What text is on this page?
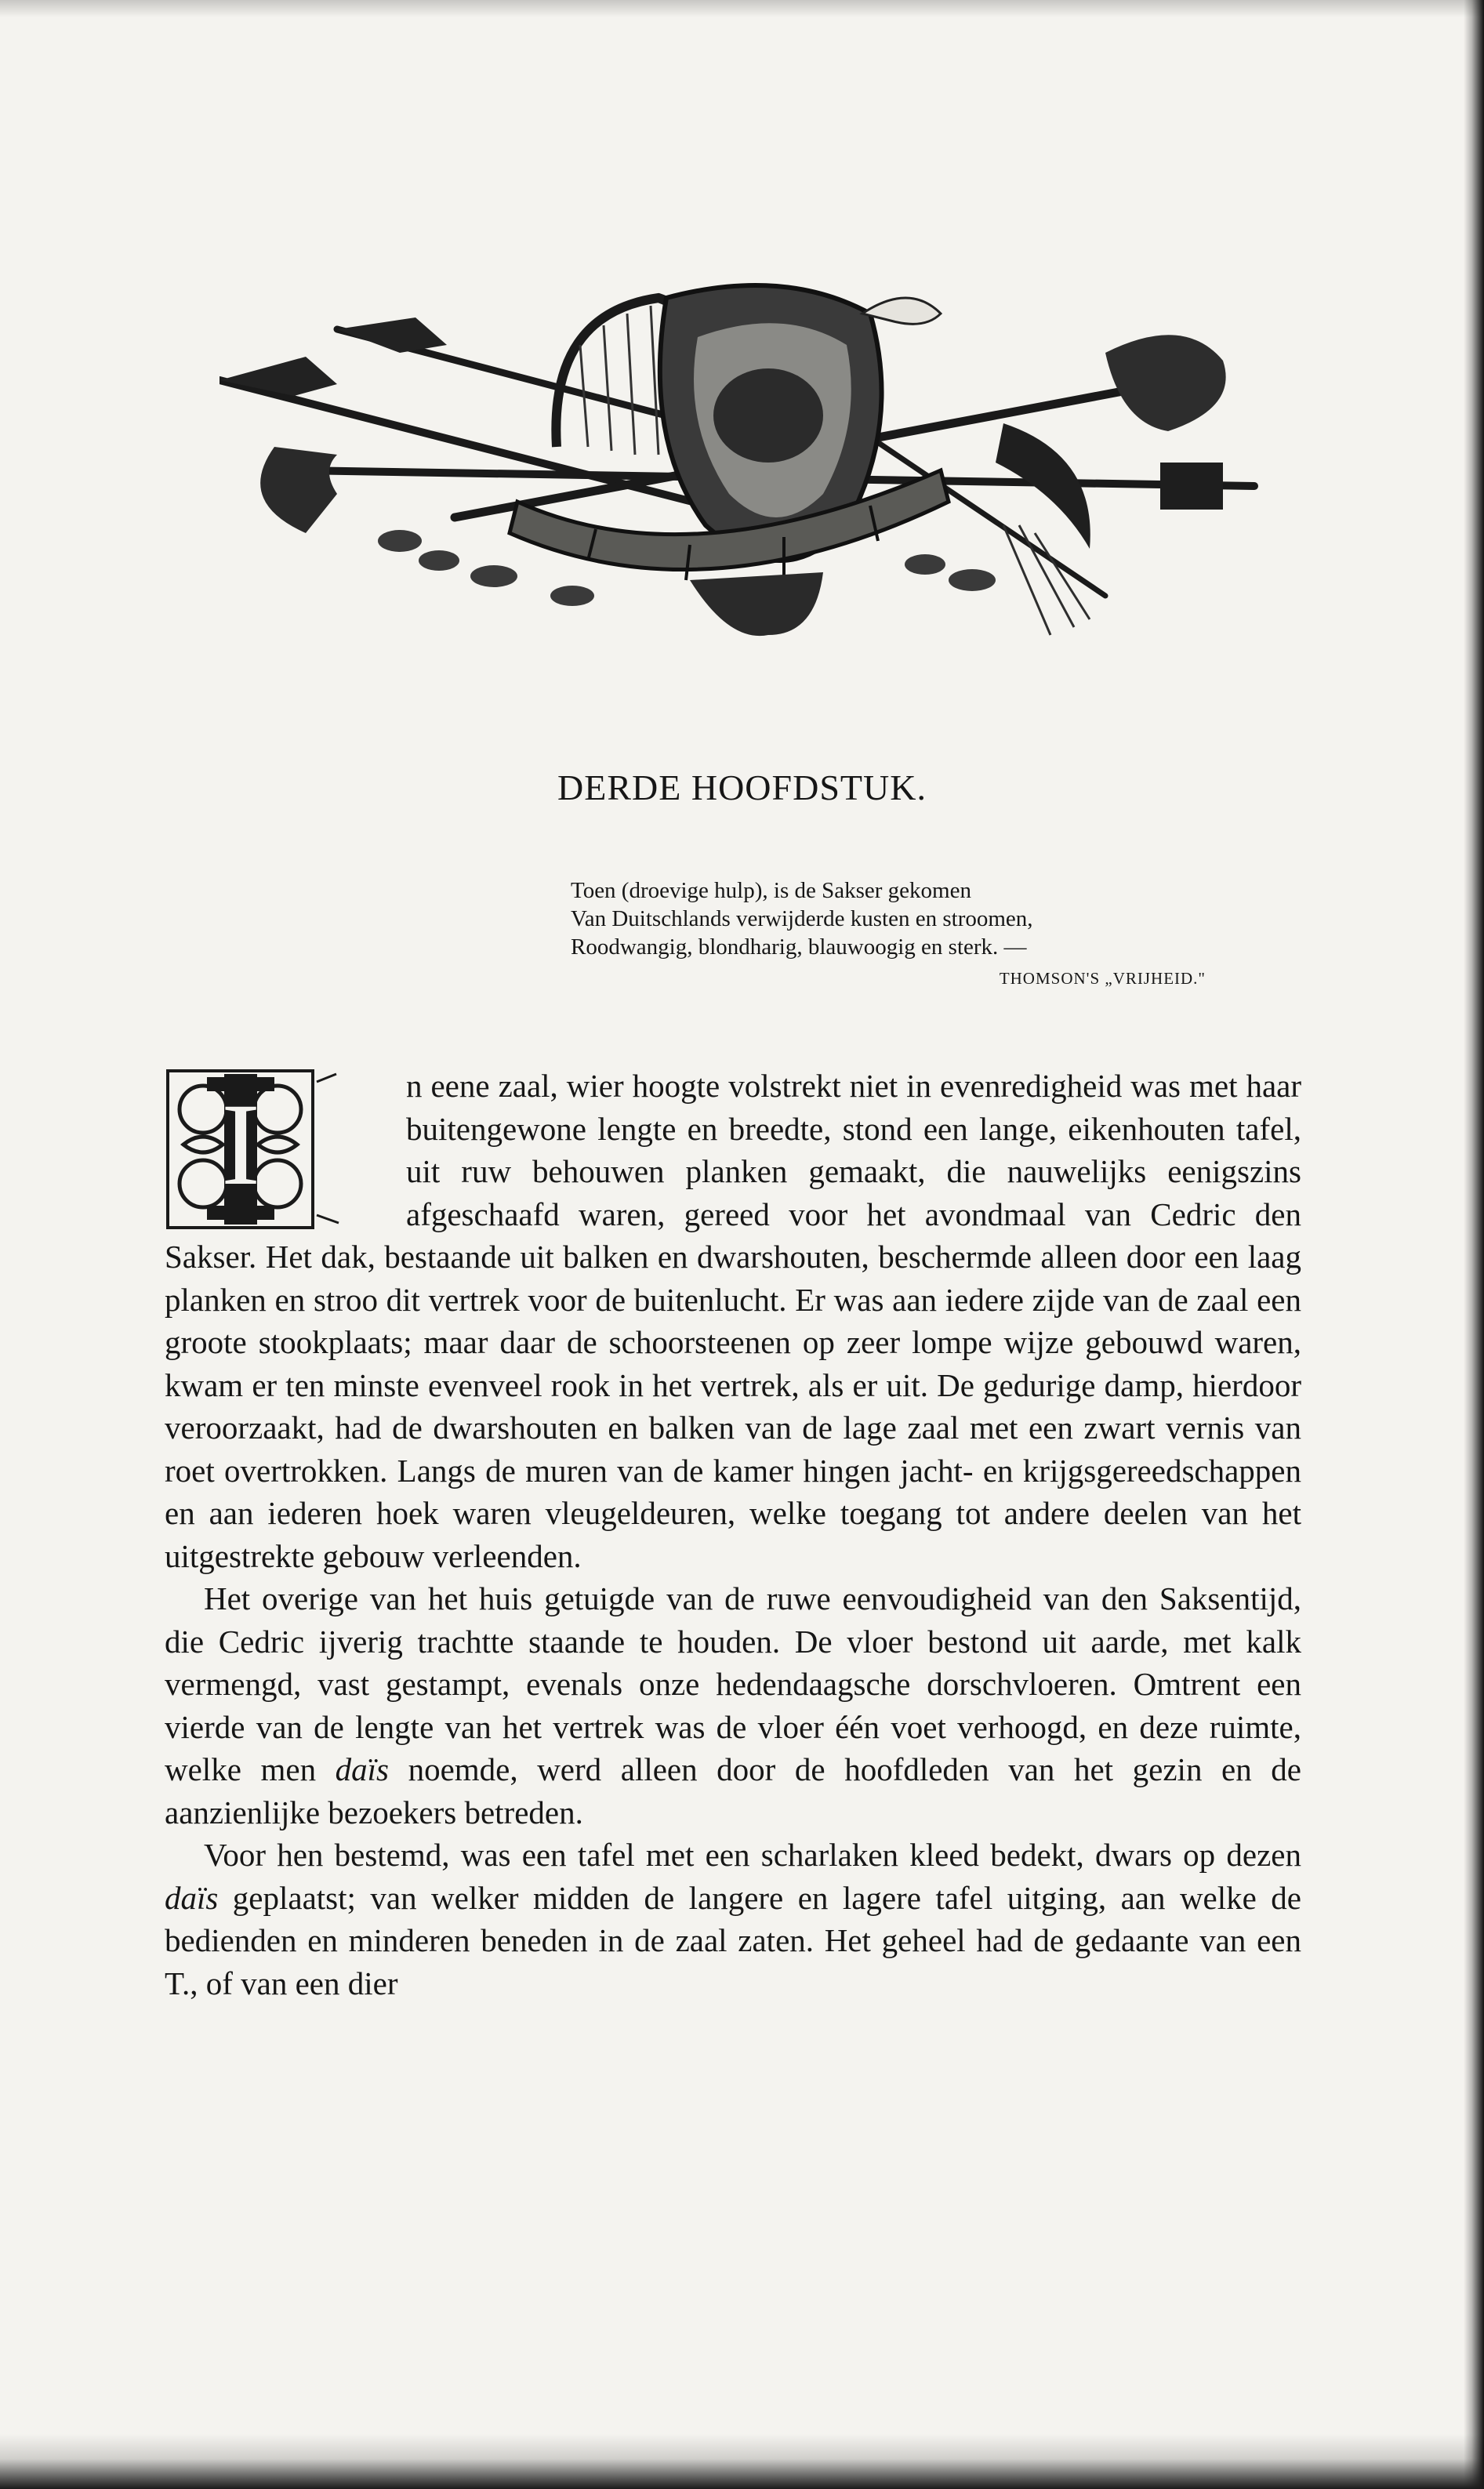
DERDE HOOFDSTUK.
Toen (droevige hulp), is de Sakser gekomen
Van Duitschlands verwijderde kusten en stroomen,
Roodwangig, blondharig, blauwoogig en sterk. —
THOMSON'S „VRIJHEID."

I	n eene zaal, wier hoogte volstrekt niet in evenredigheid was met haar buitengewone lengte en breedte, stond een lange, eikenhouten tafel, uit ruw behouwen planken gemaakt, die nauwelijks eenigszins afgeschaafd waren, gereed voor het avondmaal van Cedric den Sakser. Het dak, bestaande uit balken en dwarshouten, beschermde alleen door een laag planken en stroo dit vertrek voor de buitenlucht. Er was aan iedere zijde van de zaal een groote stookplaats; maar daar de schoorsteenen op zeer lompe wijze gebouwd waren, kwam er ten minste evenveel rook in het vertrek, als er uit. De gedurige damp, hierdoor veroorzaakt, had de dwarshouten en balken van de lage zaal met een zwart vernis van roet overtrokken. Langs de muren van de kamer hingen jacht- en krijgsgereedschappen en aan iederen hoek waren vleugeldeuren, welke toegang tot andere deelen van het uitgestrekte gebouw verleenden.

Het overige van het huis getuigde van de ruwe eenvoudigheid van den Saksentijd, die Cedric ijverig trachtte staande te houden. De vloer bestond uit aarde, met kalk vermengd, vast gestampt, evenals onze hedendaagsche dorschvloeren. Omtrent een vierde van de lengte van het vertrek was de vloer één voet verhoogd, en deze ruimte, welke men daïs noemde, werd alleen door de hoofdleden van het gezin en de aanzienlijke bezoekers betreden.

Voor hen bestemd, was een tafel met een scharlaken kleed bedekt, dwars op dezen daïs geplaatst; van welker midden de langere en lagere tafel uitging, aan welke de bedienden en minderen beneden in de zaal zaten. Het geheel had de gedaante van een T., of van een dier
